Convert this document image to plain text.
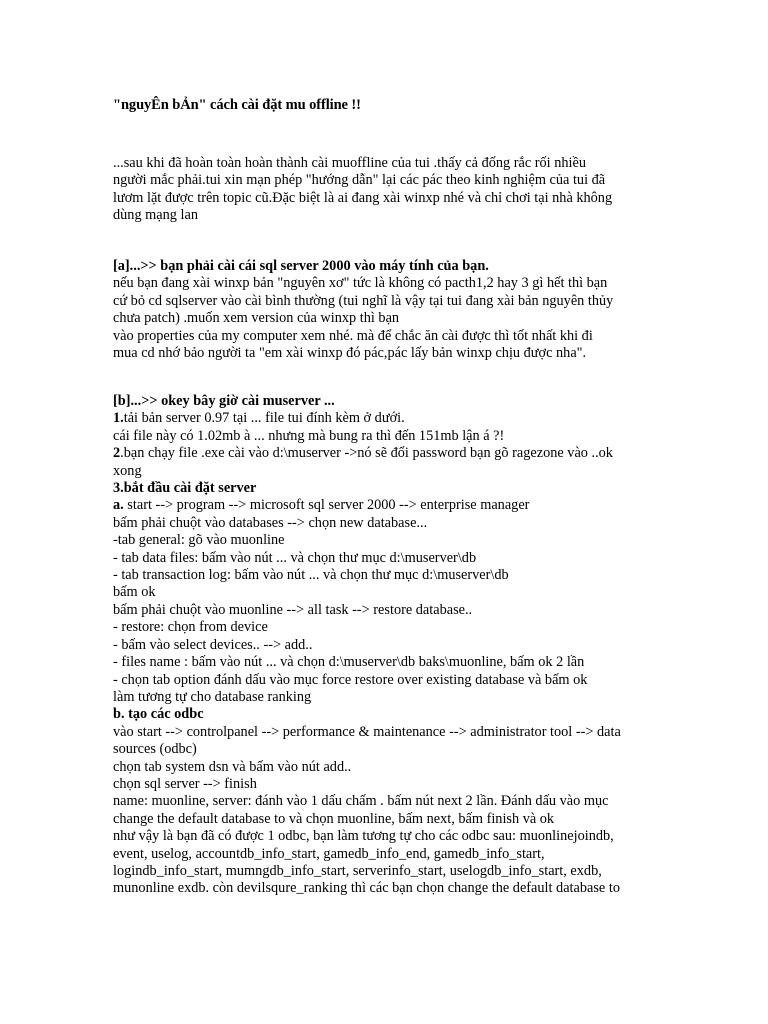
"nguyÊn bẢn" cách cài đặt mu offline !!
...sau khi đã hoàn toàn hoàn thành cài muoffline của tui .thấy cả đống rắc rối nhiều
người mắc phải.tui xin mạn phép "hướng dẫn" lại các pác theo kinh nghiệm của tui đã
lươm lặt được trên topic cũ.Đặc biệt là ai đang xài winxp nhé và chỉ chơi tại nhà không
dùng mạng lan
[a]...>> bạn phải cài cái sql server 2000 vào máy tính của bạn.
nếu bạn đang xài winxp bản "nguyên xơ" tức là không có pacth1,2 hay 3 gì hết thì bạn
cứ bỏ cd sqlserver vào cài bình thường (tui nghĩ là vậy tại tui đang xài bản nguyên thủy
chưa patch) .muốn xem version của winxp thì bạn
vào properties của my computer xem nhé. mà để chắc ăn cài được thì tốt nhất khi đi
mua cd nhớ bảo người ta "em xài winxp đó pác,pác lấy bản winxp chịu được nha".
[b]...>> okey bây giờ cài muserver ...
1.tải bản server 0.97 tại ... file tui đính kèm ở dưới.
cái file này có 1.02mb à ... nhưng mà bung ra thì đến 151mb lận á ?!
2.bạn chạy file .exe cài vào d:\muserver ->nó sẽ đổi password bạn gõ ragezone vào ..ok
xong
3.bắt đầu cài đặt server
a. start --> program --> microsoft sql server 2000 --> enterprise manager
bấm phải chuột vào databases --> chọn new database...
-tab general: gõ vào muonline
- tab data files: bấm vào nút ... và chọn thư mục d:\muserver\db
- tab transaction log: bấm vào nút ... và chọn thư mục d:\muserver\db
bấm ok
bấm phải chuột vào muonline --> all task --> restore database..
- restore: chọn from device
- bấm vào select devices.. --> add..
- files name : bấm vào nút ... và chọn d:\muserver\db baks\muonline, bấm ok 2 lần
- chọn tab option đánh dấu vào mục force restore over existing database và bấm ok
làm tương tự cho database ranking
b. tạo các odbc
vào start --> controlpanel --> performance & maintenance --> administrator tool --> data
sources (odbc)
chọn tab system dsn và bấm vào nút add..
chọn sql server --> finish
name: muonline, server: đánh vào 1 dấu chấm . bấm nút next 2 lần. Đánh dấu vào mục
change the default database to và chọn muonline, bấm next, bấm finish và ok
như vậy là bạn đã có được 1 odbc, bạn làm tương tự cho các odbc sau: muonlinejoindb,
event, uselog, accountdb_info_start, gamedb_info_end, gamedb_info_start,
logindb_info_start, mumngdb_info_start, serverinfo_start, uselogdb_info_start, exdb,
munonline exdb. còn devilsqure_ranking thì các bạn chọn change the default database to
